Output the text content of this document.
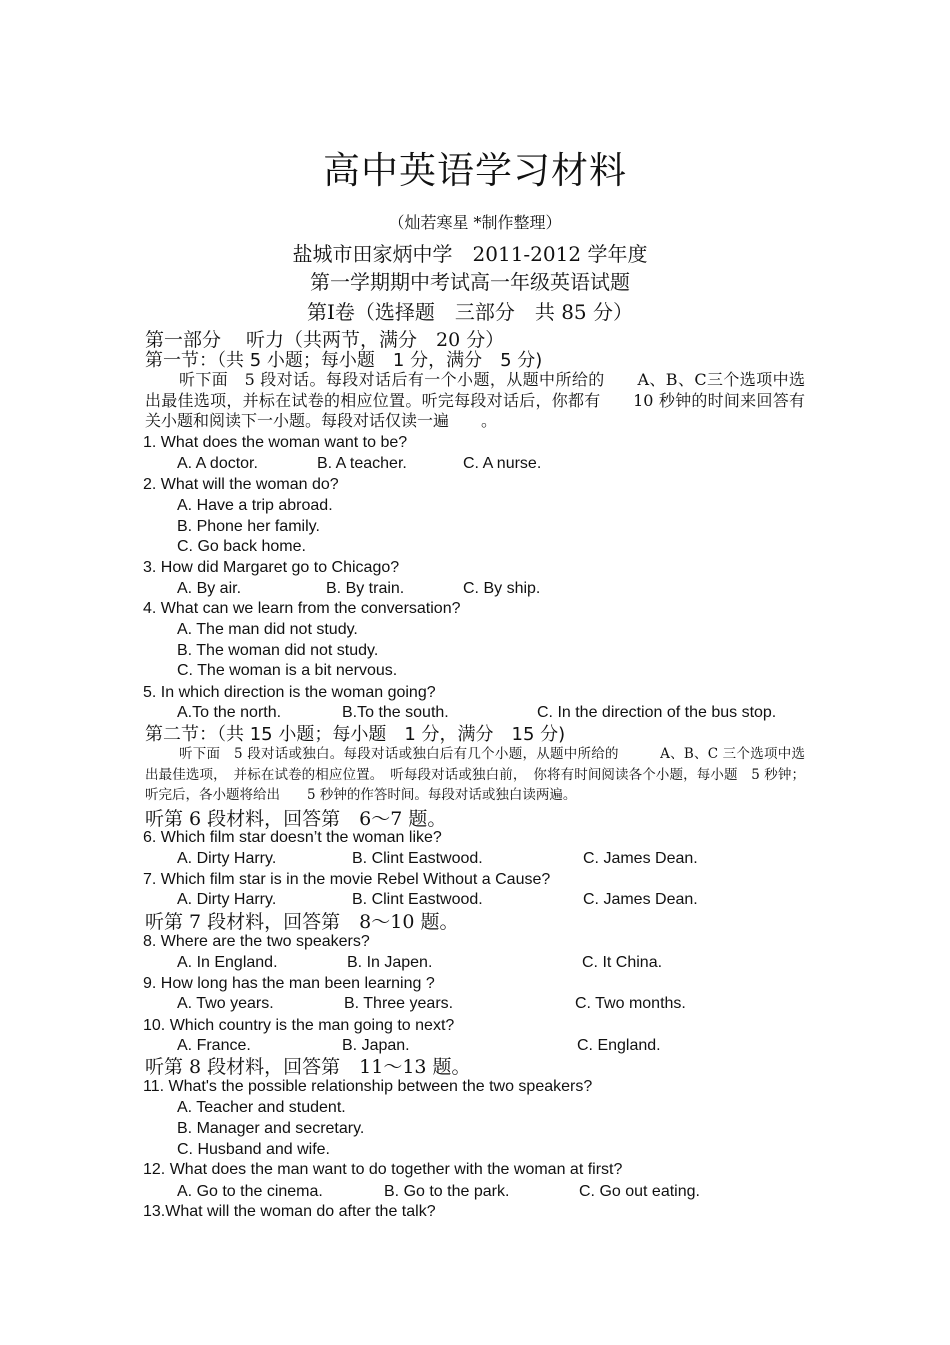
高中英语学习材料
（灿若寒星 *制作整理）
盐城市田家炳中学　2011-2012 学年度
第一学期期中考试高一年级英语试题
第Ⅰ卷（选择题　三部分　共 85 分）
第一部分　 听力（共两节，满分　20 分）
第一节：（共 5 小题；每小题　1 分，满分　5 分)
听下面　5 段对话。每段对话后有一个小题，从题中所给的　　A、B、C三个选项中选出最佳选项，并标在试卷的相应位置。听完每段对话后，你都有　　10 秒钟的时间来回答有关小题和阅读下一小题。每段对话仅读一遍　　。
1. What does the woman want to be?
A. A doctor.	B. A teacher.	C. A nurse.
2. What will the woman do?
A. Have a trip abroad.
B. Phone her family.
C. Go back home.
3. How did Margaret go to Chicago?
A. By air.	B. By train.	C. By ship.
4. What can we learn from the conversation?
A. The man did not study.
B. The woman did not study.
C. The woman is a bit nervous.
5. In which direction is the woman going?
A.To the north.	B.To the south.	C. In the direction of the bus stop.
第二节：（共 15 小题；每小题　1 分，满分　15 分)
听下面　5 段对话或独白。每段对话或独白后有几个小题，从题中所给的　　　A、B、C 三个选项中选出最佳选项，　并标在试卷的相应位置。　听每段对话或独白前，　你将有时间阅读各个小题，每小题　5 秒钟；听完后，各小题将给出　　5 秒钟的作答时间。每段对话或独白读两遍。
听第 6 段材料，回答第　6～7 题。
6. Which film star doesn’t the woman like?
A. Dirty Harry.	B. Clint Eastwood.	C. James Dean.
7. Which film star is in the movie Rebel Without a Cause?
A. Dirty Harry.	B. Clint Eastwood.	C. James Dean.
听第 7 段材料，回答第　8～10 题。
8. Where are the two speakers?
A. In England.	B. In Japen.	C. It China.
9. How long has the man been learning ?
A. Two years.	B. Three years.	C. Two months.
10. Which country is the man going to next?
A. France.	B. Japan.	C. England.
听第 8 段材料，回答第　11～13 题。
11. What's the possible relationship between the two speakers?
A. Teacher and student.
B. Manager and secretary.
C. Husband and wife.
12. What does the man want to do together with the woman at first?
A. Go to the cinema.	B. Go to the park.	C. Go out eating.
13.What will the woman do after the talk?
